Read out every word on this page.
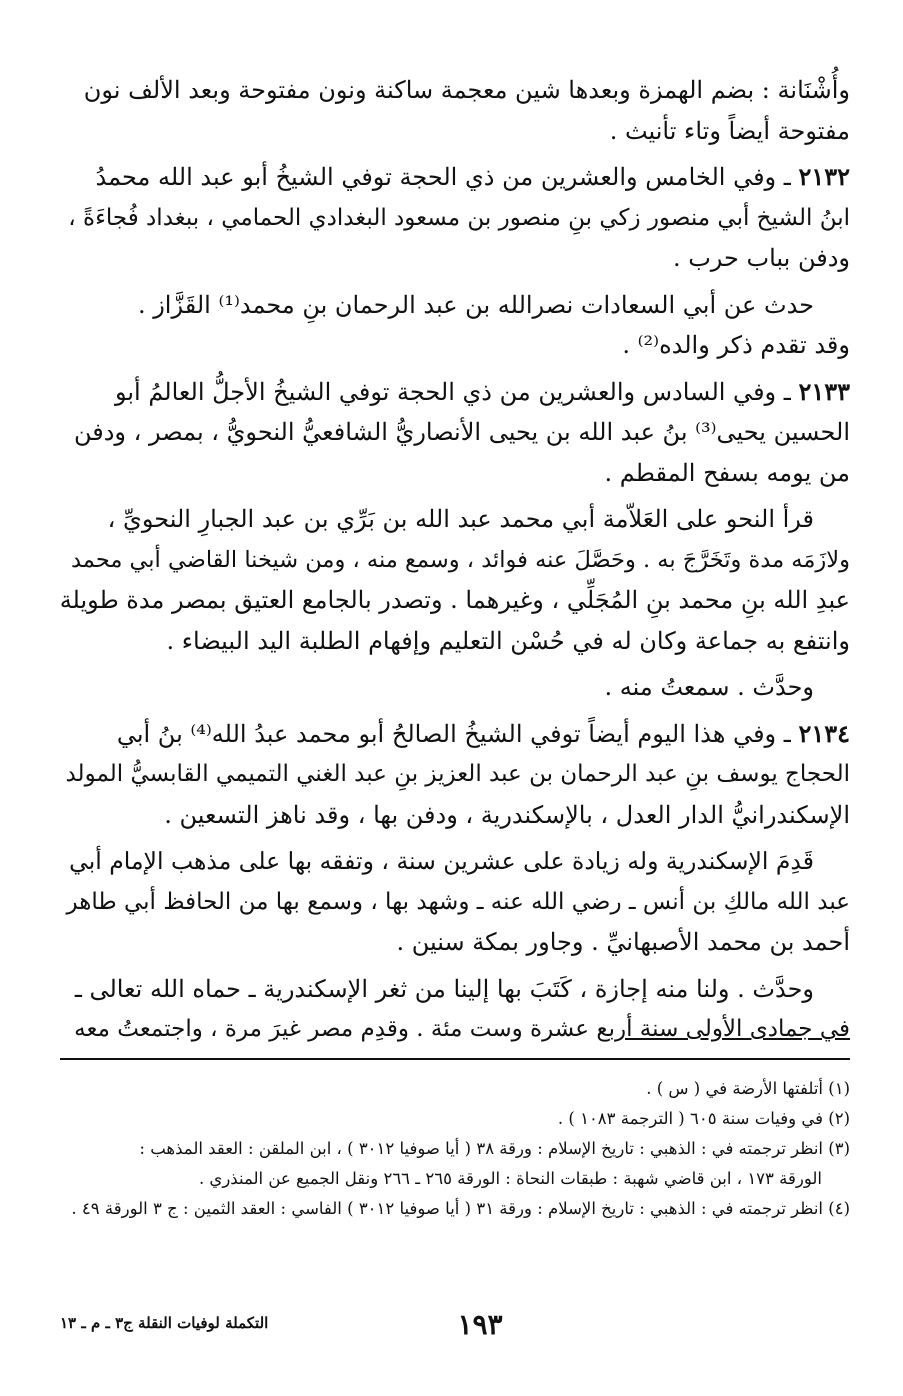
وأُشْنَانة : بضم الهمزة وبعدها شين معجمة ساكنة ونون مفتوحة وبعد الألف نون
مفتوحة أيضاً وتاء تأنيث .
٢١٣٢ ـ وفي الخامس والعشرين من ذي الحجة توفي الشيخُ أبو عبد الله محمدُ
ابنُ الشيخ أبي منصور زكي بنِ منصور بن مسعود البغدادي الحمامي ، ببغداد فُجاءَةً ،
ودفن بباب حرب .
حدث عن أبي السعادات نصرالله بن عبد الرحمان بنِ محمد⁽¹⁾ القَزَّاز .
وقد تقدم ذكر والده⁽²⁾ .
٢١٣٣ ـ وفي السادس والعشرين من ذي الحجة توفي الشيخُ الأجلُّ العالمُ أبو
الحسين يحيى⁽³⁾ بنُ عبد الله بن يحيى الأنصاريُّ الشافعيُّ النحويُّ ، بمصر ، ودفن
من يومه بسفح المقطم .
قرأ النحو على العَلاّمة أبي محمد عبد الله بن بَرِّي بن عبد الجبارِ النحويِّ ،
ولازَمَه مدة وتَخَرَّجَ به . وحَصَّلَ عنه فوائد ، وسمع منه ، ومن شيخنا القاضي أبي محمد
عبدِ الله بنِ محمد بنِ المُجَلِّي ، وغيرهما . وتصدر بالجامع العتيق بمصر مدة طويلة
وانتفع به جماعة وكان له في حُسْن التعليم وإفهام الطلبة اليد البيضاء .
وحدَّث . سمعتُ منه .
٢١٣٤ ـ وفي هذا اليوم أيضاً توفي الشيخُ الصالحُ أبو محمد عبدُ الله⁽⁴⁾ بنُ أبي
الحجاج يوسف بنِ عبد الرحمان بن عبد العزيز بنِ عبد الغني التميمي القابسيُّ المولد
الإسكندرانيُّ الدار العدل ، بالإسكندرية ، ودفن بها ، وقد ناهز التسعين .
قَدِمَ الإسكندرية وله زيادة على عشرين سنة ، وتفقه بها على مذهب الإمام أبي
عبد الله مالكِ بن أنس ـ رضي الله عنه ـ وشهد بها ، وسمع بها من الحافظ أبي طاهر
أحمد بن محمد الأصبهانيِّ . وجاور بمكة سنين .
وحدَّث . ولنا منه إجازة ، كَتَبَ بها إلينا من ثغر الإسكندرية ـ حماه الله تعالى ـ
في جمادى الأولى سنة أربع عشرة وست مئة . وقدِم مصر غيرَ مرة ، واجتمعتُ معه
(١) أتلفتها الأرضة في ( س ) .
(٢) في وفيات سنة ٦٠٥ ( الترجمة ١٠٨٣ ) .
(٣) انظر ترجمته في : الذهبي : تاريخ الإسلام : ورقة ٣٨ ( أيا صوفيا ٣٠١٢ ) ، ابن الملقن : العقد المذهب :
الورقة ١٧٣ ، ابن قاضي شهبة : طبقات النحاة : الورقة ٢٦٥ ـ ٢٦٦ ونقل الجميع عن المنذري .
(٤) انظر ترجمته في : الذهبي : تاريخ الإسلام : ورقة ٣١ ( أيا صوفيا ٣٠١٢ ) الفاسي : العقد الثمين : ج ٣ الورقة ٤٩ .
١٩٣
التكملة لوفيات النقلة ج٣ ـ م ـ ١٣
